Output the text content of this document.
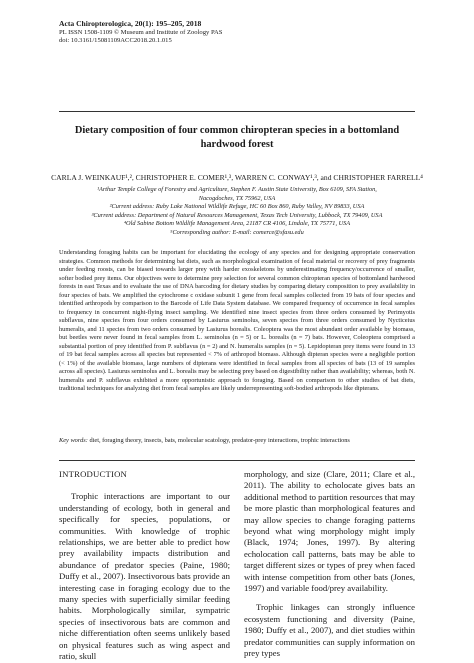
Acta Chiropterologica, 20(1): 195–205, 2018
PL ISSN 1508-1109 © Museum and Institute of Zoology PAS
doi: 10.3161/15081109ACC2018.20.1.015
Dietary composition of four common chiropteran species in a bottomland
hardwood forest
CARLA J. WEINKAUF¹,², CHRISTOPHER E. COMER¹,³, WARREN C. CONWAY¹,³, and CHRISTOPHER FARRELL⁴
¹Arthur Temple College of Forestry and Agriculture, Stephen F. Austin State University, Box 6109, SFA Station,
Nacogdoches, TX 75962, USA
²Current address: Ruby Lake National Wildlife Refuge, HC 60 Box 860, Ruby Valley, NV 89833, USA
³Current address: Department of Natural Resources Management, Texas Tech University, Lubbock, TX 79409, USA
⁴Old Sabine Bottom Wildlife Management Area, 21187 CR 4106, Lindale, TX 75771, USA
⁵Corresponding author: E-mail: comerce@sfasu.edu
Understanding foraging habits can be important for elucidating the ecology of any species and for designing appropriate conservation strategies. Common methods for determining bat diets, such as morphological examination of fecal material or recovery of prey fragments under feeding roosts, can be biased towards larger prey with harder exoskeletons by underestimating frequency/occurrence of smaller, softer bodied prey items. Our objectives were to determine prey selection for several common chiropteran species of bottomland hardwood forests in east Texas and to evaluate the use of DNA barcoding for dietary studies by comparing dietary composition to prey availability in four species of bats. We amplified the cytochrome c oxidase subunit 1 gene from fecal samples collected from 19 bats of four species and identified arthropods by comparison to the Barcode of Life Data System database. We compared frequency of occurrence in fecal samples to frequency in concurrent night-flying insect sampling. We identified nine insect species from three orders consumed by Perimyotis subflavus, nine species from four orders consumed by Lasiurus seminolus, seven species from three orders consumed by Nycticeius humeralis, and 11 species from two orders consumed by Lasiurus borealis. Coleoptera was the most abundant order available by biomass, but beetles were never found in fecal samples from L. seminolus (n = 5) or L. borealis (n = 7) bats. However, Coleoptera comprised a substantial portion of prey identified from P. subflavus (n = 2) and N. humeralis samples (n = 5). Lepidopteran prey items were found in 13 of 19 bat fecal samples across all species but represented < 7% of arthropod biomass. Although dipteran species were a negligible portion (< 1%) of the available biomass, large numbers of dipterans were identified in fecal samples from all species of bats (13 of 19 samples across all species). Lasiurus seminolus and L. borealis may be selecting prey based on digestibility rather than availability; whereas, both N. humeralis and P. subflavus exhibited a more opportunistic approach to foraging. Based on comparison to other studies of bat diets, traditional techniques for analyzing diet from fecal samples are likely underrepresenting soft-bodied arthropods like dipterans.
Key words: diet, foraging theory, insects, bats, molecular scatology, predator-prey interactions, trophic interactions
INTRODUCTION

Trophic interactions are important to our understanding of ecology, both in general and specifically for species, populations, or communities. With knowledge of trophic relationships, we are better able to predict how prey availability impacts distribution and abundance of predator species (Paine, 1980; Duffy et al., 2007). Insectivorous bats provide an interesting case in foraging ecology due to the many species with superficially similar feeding habits. Morphologically similar, sympatric species of insectivorous bats are common and niche differentiation often seems unlikely based on physical features such as wing aspect and ratio, skull

morphology, and size (Clare, 2011; Clare et al., 2011). The ability to echolocate gives bats an additional method to partition resources that may be more plastic than morphological features and may allow species to change foraging patterns beyond what wing morphology might imply (Black, 1974; Jones, 1997). By altering echolocation call patterns, bats may be able to target different sizes or types of prey when faced with intense competition from other bats (Jones, 1997) and variable food/prey availability.

Trophic linkages can strongly influence ecosystem functioning and diversity (Paine, 1980; Duffy et al., 2007), and diet studies within predator communities can supply information on prey types
